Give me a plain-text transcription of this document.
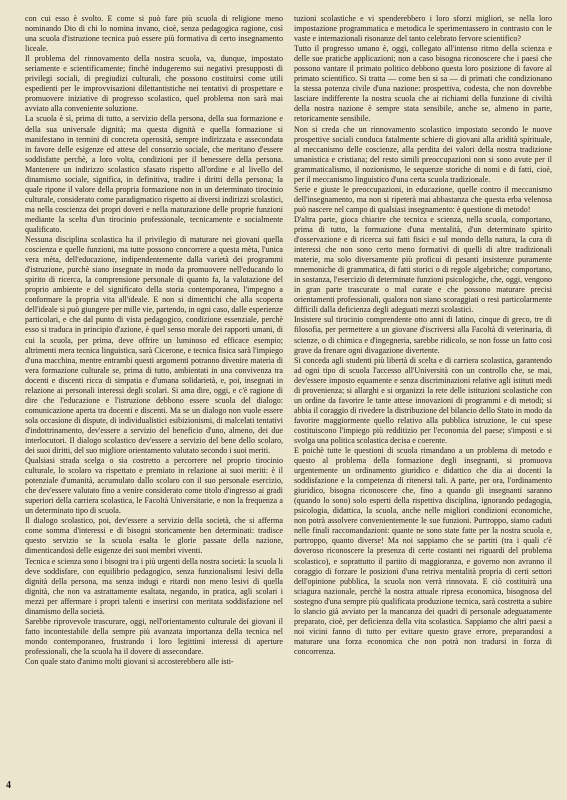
con cui esso è svolto. E come si può fare più scuola di religione meno nominando Dio di chi lo nomina invano, cioè, senza pedagogica ragione, così una scuola d'istruzione tecnica può essere più formativa di certo insegnamento liceale.

Il problema del rinnovamento della nostra scuola, va, dunque, impostato seriamente e scientificamente; finchè indugeremo sui negativi presupposti di privilegi sociali, di pregiudizi culturali, che possono costituirsi come utili espedienti per le improvvisazioni dilettantistiche nei tentativi di prospettare e promuovere iniziative di progresso scolastico, quel problema non sarà mai avviato alla conveniente soluzione.

La scuola è sì, prima di tutto, a servizio della persona, della sua formazione e della sua universale dignità; ma questa dignità e quella formazione si manifestano in termini di concreta operosità, sempre indirizzata e assecondata in favore delle esigenze ed attese del consorzio sociale, che meritano d'essere soddisfatte perchè, a loro volta, condizioni per il benessere della persona. Mantenere un indirizzo scolastico sfasato rispetto all'ordine e al livello del dinamismo sociale, significa, in definitiva, tradire i diritti della persona; la quale ripone il valore della propria formazione non in un determinato tirocinio culturale, considerato come paradigmatico rispetto ai diversi indirizzi scolastici, ma nella coscienza dei propri doveri e nella maturazione delle proprie funzioni mediante la scelta d'un tirocinio professionale, tecnicamente e socialmente qualificato.

Nessuna disciplina scolastica ha il privilegio di maturare nei giovani quella coscienza e quelle funzioni, ma tutte possono concorrere a questa mèta, l'unica vera mèta, dell'educazione, indipendentemente dalla varietà dei programmi d'istruzione, purchè siano insegnate in modo da promuovere nell'educando lo spirito di ricerca, la comprensione personale di quanto fa, la valutazione del proprio ambiente e del significato della storia contemporanea, l'impegno a conformare la propria vita all'ideale. E non si dimentichi che alla scoperta dell'ideale si può giungere per mille vie, partendo, in ogni caso, dalle esperienze particolari, e che dal punto di vista pedagogico, condizione essenziale, perchè esso si traduca in principio d'azione, è quel senso morale dei rapporti umani, di cui la scuola, per prima, deve offrire un luminoso ed efficace esempio; altrimenti mera tecnica linguistica, sarà Cicerone, e tecnica fisica sarà l'impiego d'una macchina, mentre entrambi questi argomenti potranno divenire materia di vera formazione culturale se, prima di tutto, ambientati in una convivenza tra docenti e discenti ricca di simpatia e d'umana solidarietà, e, poi, insegnati in relazione ai personali interessi degli scolari. Si ama dire, oggi, e c'è ragione di dire che l'educazione e l'istruzione debbono essere scuola del dialogo: comunicazione aperta tra docenti e discenti. Ma se un dialogo non vuole essere sola occasione di dispute, di individualistici esibizionismi, di malcelati tentativi d'indottrinamento, dev'essere a servizio del beneficio d'uno, almeno, dei due interlocutori. Il dialogo scolastico dev'essere a servizio del bene dello scolaro, dei suoi diritti, del suo migliore orientamento valutato secondo i suoi meriti.

Qualsiasi strada scelga o sia costretto a percorrere nel proprio tirocinio culturale, lo scolaro va rispettato e premiato in relazione ai suoi meriti: è il potenziale d'umanità, accumulato dallo scolaro con il suo personale esercizio, che dev'essere valutato fino a venire considerato come titolo d'ingresso ai gradi superiori della carriera scolastica, le Facoltà Universitarie, e non la frequenza a un determinato tipo di scuola.

Il dialogo scolastico, poi, dev'essere a servizio della società, che si afferma come somma d'interessi e di bisogni storicamente ben determinati: tradisce questo servizio se la scuola esalta le glorie passate della nazione, dimenticandosi delle esigenze dei suoi membri viventi.

Tecnica e scienza sono i bisogni tra i più urgenti della nostra società: la scuola li deve soddisfare, con equilibrio pedagogico, senza funzionalismi lesivi della dignità della persona, ma senza indugi e ritardi non meno lesivi di quella dignità, che non va astrattamente esaltata, negando, in pratica, agli scolari i mezzi per affermare i propri talenti e inserirsi con meritata soddisfazione nel dinamismo della società.

Sarebbe riprovevole trascurare, oggi, nell'orientamento culturale dei giovani il fatto incontestabile della sempre più avanzata importanza della tecnica nel mondo contemporaneo, frustrando i loro legittimi interessi di aperture professionali, che la scuola ha il dovere di assecondare.

Con quale stato d'animo molti giovani si accosterebbero alle isti-

tuzioni scolastiche e vi spenderebbero i loro sforzi migliori, se nella loro impostazione programmatica e metodica le sperimentassero in contrasto con le vaste e internazionali risonanze del tanto celebrato fervore scientifico?

Tutto il progresso umano è, oggi, collegato all'intenso ritmo della scienza e delle sue pratiche applicazioni; non a caso bisogna riconoscere che i paesi che possono vantare il primato politico debbono questa loro posizione di favore al primato scientifico. Si tratta — come ben si sa — di primati che condizionano la stessa potenza civile d'una nazione: prospettiva, codesta, che non dovrebbe lasciare indifferente la nostra scuola che ai richiami della funzione di civiltà della nostra nazione è sempre stata sensibile, anche se, almeno in parte, retoricamente sensibile.

Non si creda che un rinnovamento scolastico impostato secondo le nuove prospettive sociali conduca fatalmente schiere di giovani alla aridità spirituale, al meccanismo delle coscienze, alla perdita dei valori della nostra tradizione umanistica e cristiana; del resto simili preoccupazioni non si sono avute per il grammaticalismo, il nozionismo, le sequenze storiche di nomi e di fatti, cioè, per il meccanismo linguistico d'una certa scuola tradizionale.

Serie e giuste le preoccupazioni, in educazione, quelle contro il meccanismo dell'insegnamento, ma non si ripeterà mai abbastanza che questa erba velenosa può nascere nel campo di qualsiasi insegnamento: è questione di metodo!

D'altra parte, gioca chiarire che tecnica e scienza, nella scuola, comportano, prima di tutto, la formazione d'una mentalità, d'un determinato spirito d'osservazione e di ricerca sui fatti fisici e sul mondo della natura, la cura di interessi che non sono certo meno formativi di quelli di altre tradizionali materie, ma solo diversamente più proficui di pesanti insistenze puramente mnemoniche di grammatica, di fatti storici o di regole algebriche; comportano, in sostanza, l'esercizio di determinate funzioni psicologiche, che, oggi, vengono in gran parte trascurate o mal curate e che possono maturare precisi orientamenti professionali, qualora non siano scoraggiati o resi particolarmente difficili dalla deficienza degli adeguati mezzi scolastici.

Insistere sul tirocinio comprendente otto anni di latino, cinque di greco, tre di filosofia, per permettere a un giovane d'iscriversi alla Facoltà di veterinaria, di scienze, o di chimica e d'ingegneria, sarebbe ridicolo, se non fosse un fatto così grave da frenare ogni divagazione divertente.

Si conceda agli studenti più libertà di scelta e di carriera scolastica, garantendo ad ogni tipo di scuola l'accesso all'Università con un controllo che, se mai, dev'essere imposto equamente e senza discriminazioni relative agli istituti medi di provenienza; si allarghi e si organizzi la rete delle istituzioni scolastiche con un ordine da favorire le tante attese innovazioni di programmi e di metodi; si abbia il coraggio di rivedere la distribuzione del bilancio dello Stato in modo da favorire maggiormente quello relativo alla pubblica istruzione, le cui spese costituiscono l'impiego più redditizio per l'economia del paese; s'imposti e si svolga una politica scolastica decisa e coerente.

E poichè tutte le questioni di scuola rimandano a un problema di metodo e questo al problema della formazione degli insegnanti, si promuova urgentemente un ordinamento giuridico e didattico che dia ai docenti la soddisfazione e la competenza di ritenersi tali. A parte, per ora, l'ordinamento giuridico, bisogna riconoscere che, fino a quando gli insegnanti saranno (quando lo sono) solo esperti della rispettiva disciplina, ignorando pedagogia, psicologia, didattica, la scuola, anche nelle migliori condizioni economiche, non potrà assolvere convenientemente le sue funzioni. Purtroppo, siamo caduti nelle finali raccomandazioni: quante ne sono state fatte per la nostra scuola e, purtroppo, quanto diverse! Ma noi sappiamo che se partiti (tra i quali c'è doveroso riconoscere la presenza di certe costanti nei riguardi del problema scolastico), e soprattutto il partito di maggioranza, e governo non avranno il coraggio di forzare le posizioni d'una retriva mentalità propria di certi settori dell'opinione pubblica, la scuola non verrà rinnovata. E ciò costituirà una sciagura nazionale, perchè la nostra attuale ripresa economica, bisognosa del sostegno d'una sempre più qualificata produzione tecnica, sarà costretta a subire lo slancio già avviato per la mancanza dei quadri di personale adeguatamente preparato, cioè, per deficienza della vita scolastica. Sappiamo che altri paesi a noi vicini fanno di tutto per evitare questo grave errore, preparandosi a maturare una forza economica che non potrà non tradursi in forza di concorrenza.

4
